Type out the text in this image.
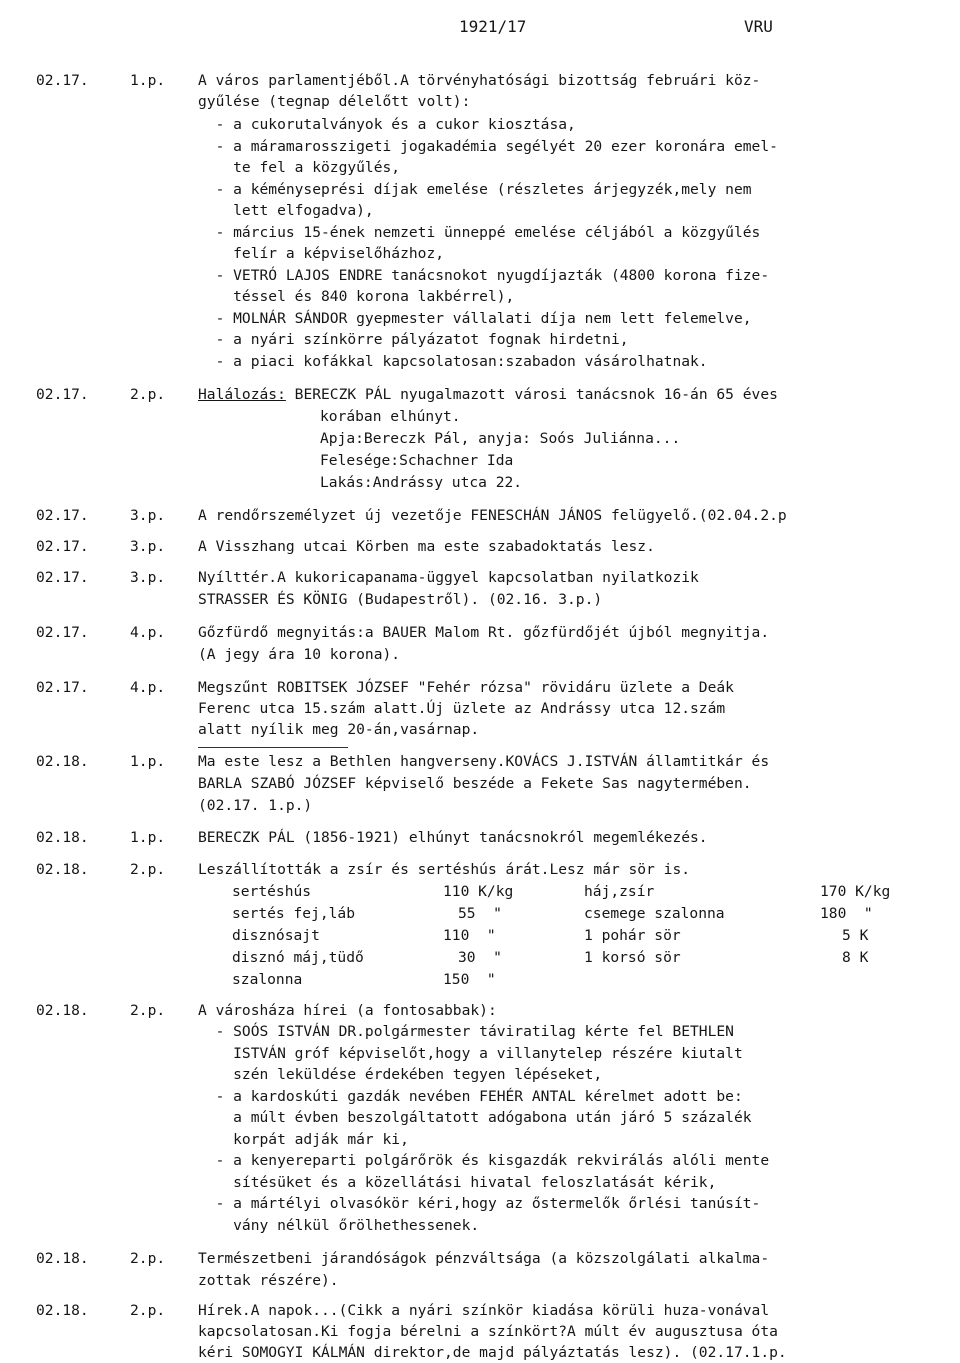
1921/17	VRU
02.17.	1.p. A város parlamentjéből.A törvényhatósági bizottság februári köz-
gyűlése (tegnap délelőtt volt):
- a cukorutalványok és a cukor kiosztása,
- a máramarosszigeti jogakadémia segélyét 20 ezer koronára emel-
te fel a közgyűlés,
- a kéményseprési díjak emelése (részletes árjegyzék,mely nem
lett elfogadva),
- március 15-ének nemzeti ünneppé emelése céljából a közgyűlés
felír a képviselőházhoz,
- VETRÓ LAJOS ENDRE tanácsnokot nyugdíjazták (4800 korona fize-
téssel és 840 korona lakbérrel),
- MOLNÁR SÁNDOR gyepmester vállalati díja nem lett felemelve,
- a nyári színkörre pályázatot fognak hirdetni,
- a piaci kofákkal kapcsolatosan:szabadon vásárolhatnak.
02.17.	2.p. Halálozás: BERECZK PÁL nyugalmazott városi tanácsnok 16-án 65 éves
korában elhúnyt.
Apja:Bereczk Pál, anyja: Soós Juliánna...
Felesége:Schachner Ida
Lakás:Andrássy utca 22.
02.17.	3.p. A rendőrszemélyzet új vezetője FENESCHÁN JÁNOS felügyelő.(02.04.2.p
02.17.	3.p. A Visszhang utcai Körben ma este szabadoktatás lesz.
02.17.	3.p. Nyílttér.A kukoricapanama-üggyel kapcsolatban nyilatkozik
STRASSER ÉS KÖNIG (Budapestről). (02.16. 3.p.)
02.17.	4.p. Gőzfürdő megnyitás:a BAUER Malom Rt. gőzfürdőjét újból megnyitja.
(A jegy ára 10 korona).
02.17.	4.p. Megszűnt ROBITSEK JÓZSEF "Fehér rózsa" rövidáru üzlete a Deák
Ferenc utca 15.szám alatt.Új üzlete az Andrássy utca 12.szám
alatt nyílik meg 20-án,vasárnap.
02.18.	1.p. Ma este lesz a Bethlen hangverseny.KOVÁCS J.ISTVÁN államtitkár és
BARLA SZABÓ JÓZSEF képviselő beszéde a Fekete Sas nagytermében.
(02.17. 1.p.)
02.18.	1.p. BERECZK PÁL (1856-1921) elhúnyt tanácsnokról megemlékezés.
02.18.	2.p. Leszállították a zsír és sertéshús árát.Lesz már sör is.
sertéshús	110 K/kg	háj,zsír	170 K/kg
sertés fej,láb	55  "	csemege szalonna	180  "
disznósajt	110  "	1 pohár sör	5 K
disznó máj,tüdő	30  "	1 korsó sör	8 K
szalonna	150  "
02.18.	2.p. A városháza hírei (a fontosabbak):
- SOÓS ISTVÁN DR.polgármester táviratilag kérte fel BETHLEN
ISTVÁN gróf képviselőt,hogy a villanytelep részére kiutalt
szén leküldése érdekében tegyen lépéseket,
- a kardoskúti gazdák nevében FEHÉR ANTAL kérelmet adott be:
a múlt évben beszolgáltatott adógabona után járó 5 százalék
korpát adják már ki,
- a kenyereparti polgárőrök és kisgazdák rekvirálás alóli mente
sítésüket és a közellátási hivatal feloszlatását kérik,
- a mártélyi olvasókör kéri,hogy az őstermelők őrlési tanúsít-
vány nélkül őrölhethessenek.
02.18.	2.p. Természetbeni járandóságok pénzváltsága (a közszolgálati alkalma-
zottak részére).
02.18.	2.p. Hírek.A napok...(Cikk a nyári színkör kiadása körüli huza-vonával
kapcsolatosan.Ki fogja bérelni a színkört?A múlt év augusztusa óta
kéri SOMOGYI KÁLMÁN direktor,de majd pályáztatás lesz). (02.17.1.p.
